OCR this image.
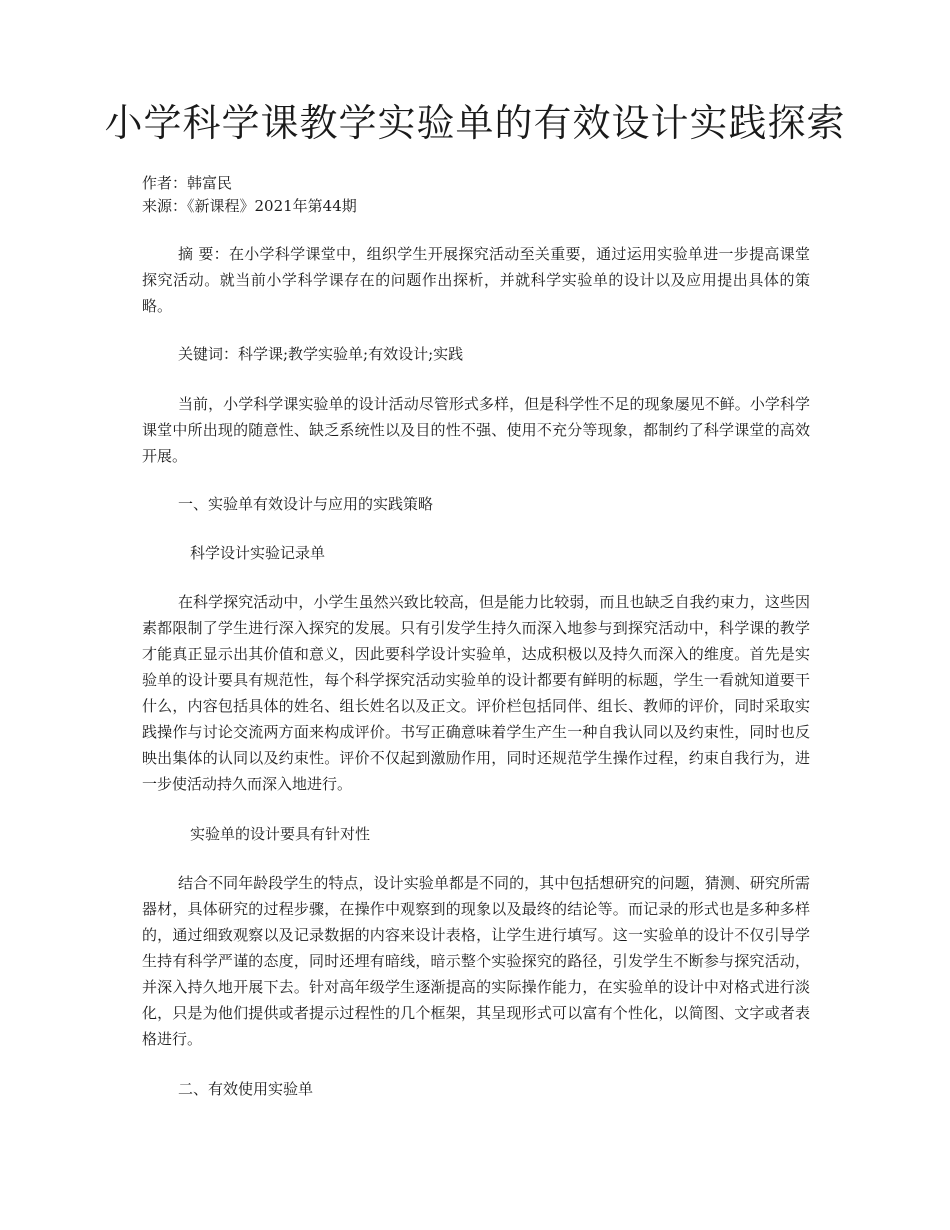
小学科学课教学实验单的有效设计实践探索
作者：韩富民
来源：《新课程》2021年第44期

摘 要：在小学科学课堂中，组织学生开展探究活动至关重要，通过运用实验单进一步提高课堂探究活动。就当前小学科学课存在的问题作出探析，并就科学实验单的设计以及应用提出具体的策略。

关键词：科学课;教学实验单;有效设计;实践

当前，小学科学课实验单的设计活动尽管形式多样，但是科学性不足的现象屡见不鲜。小学科学课堂中所出现的随意性、缺乏系统性以及目的性不强、使用不充分等现象，都制约了科学课堂的高效开展。

一、实验单有效设计与应用的实践策略
科学设计实验记录单

在科学探究活动中，小学生虽然兴致比较高，但是能力比较弱，而且也缺乏自我约束力，这些因素都限制了学生进行深入探究的发展。只有引发学生持久而深入地参与到探究活动中，科学课的教学才能真正显示出其价值和意义，因此要科学设计实验单，达成积极以及持久而深入的维度。首先是实验单的设计要具有规范性，每个科学探究活动实验单的设计都要有鲜明的标题，学生一看就知道要干什么，内容包括具体的姓名、组长姓名以及正文。评价栏包括同伴、组长、教师的评价，同时采取实践操作与讨论交流两方面来构成评价。书写正确意味着学生产生一种自我认同以及约束性，同时也反映出集体的认同以及约束性。评价不仅起到激励作用，同时还规范学生操作过程，约束自我行为，进一步使活动持久而深入地进行。

实验单的设计要具有针对性

结合不同年龄段学生的特点，设计实验单都是不同的，其中包括想研究的问题，猜测、研究所需器材，具体研究的过程步骤，在操作中观察到的现象以及最终的结论等。而记录的形式也是多种多样的，通过细致观察以及记录数据的内容来设计表格，让学生进行填写。这一实验单的设计不仅引导学生持有科学严谨的态度，同时还埋有暗线，暗示整个实验探究的路径，引发学生不断参与探究活动，并深入持久地开展下去。针对高年级学生逐渐提高的实际操作能力，在实验单的设计中对格式进行淡化，只是为他们提供或者提示过程性的几个框架，其呈现形式可以富有个性化，以简图、文字或者表格进行。

二、有效使用实验单
